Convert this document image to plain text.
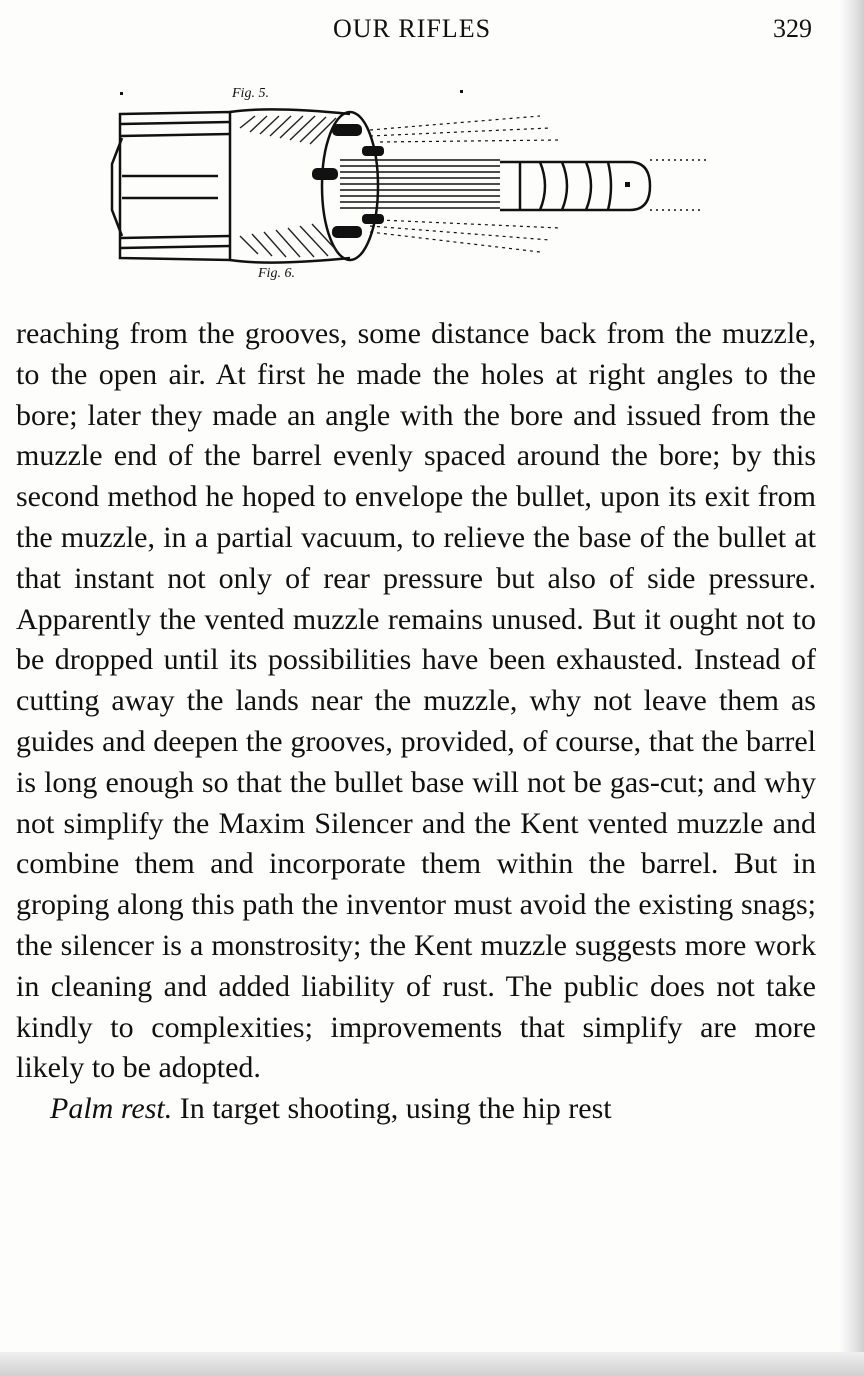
OUR RIFLES	329
Fig. 5.
Fig. 6.

reaching from the grooves, some distance back from the muzzle, to the open air. At first he made the holes at right angles to the bore; later they made an angle with the bore and issued from the muzzle end of the barrel evenly spaced around the bore; by this second method he hoped to envelope the bullet, upon its exit from the muzzle, in a partial vacuum, to relieve the base of the bullet at that instant not only of rear pressure but also of side pressure. Apparently the vented muzzle remains unused. But it ought not to be dropped until its possibilities have been exhausted. Instead of cutting away the lands near the muzzle, why not leave them as guides and deepen the grooves, provided, of course, that the barrel is long enough so that the bullet base will not be gas-cut; and why not simplify the Maxim Silencer and the Kent vented muzzle and combine them and incorporate them within the barrel. But in groping along this path the inventor must avoid the existing snags; the silencer is a monstrosity; the Kent muzzle suggests more work in cleaning and added liability of rust. The public does not take kindly to complexities; improvements that simplify are more likely to be adopted.

Palm rest. In target shooting, using the hip rest
